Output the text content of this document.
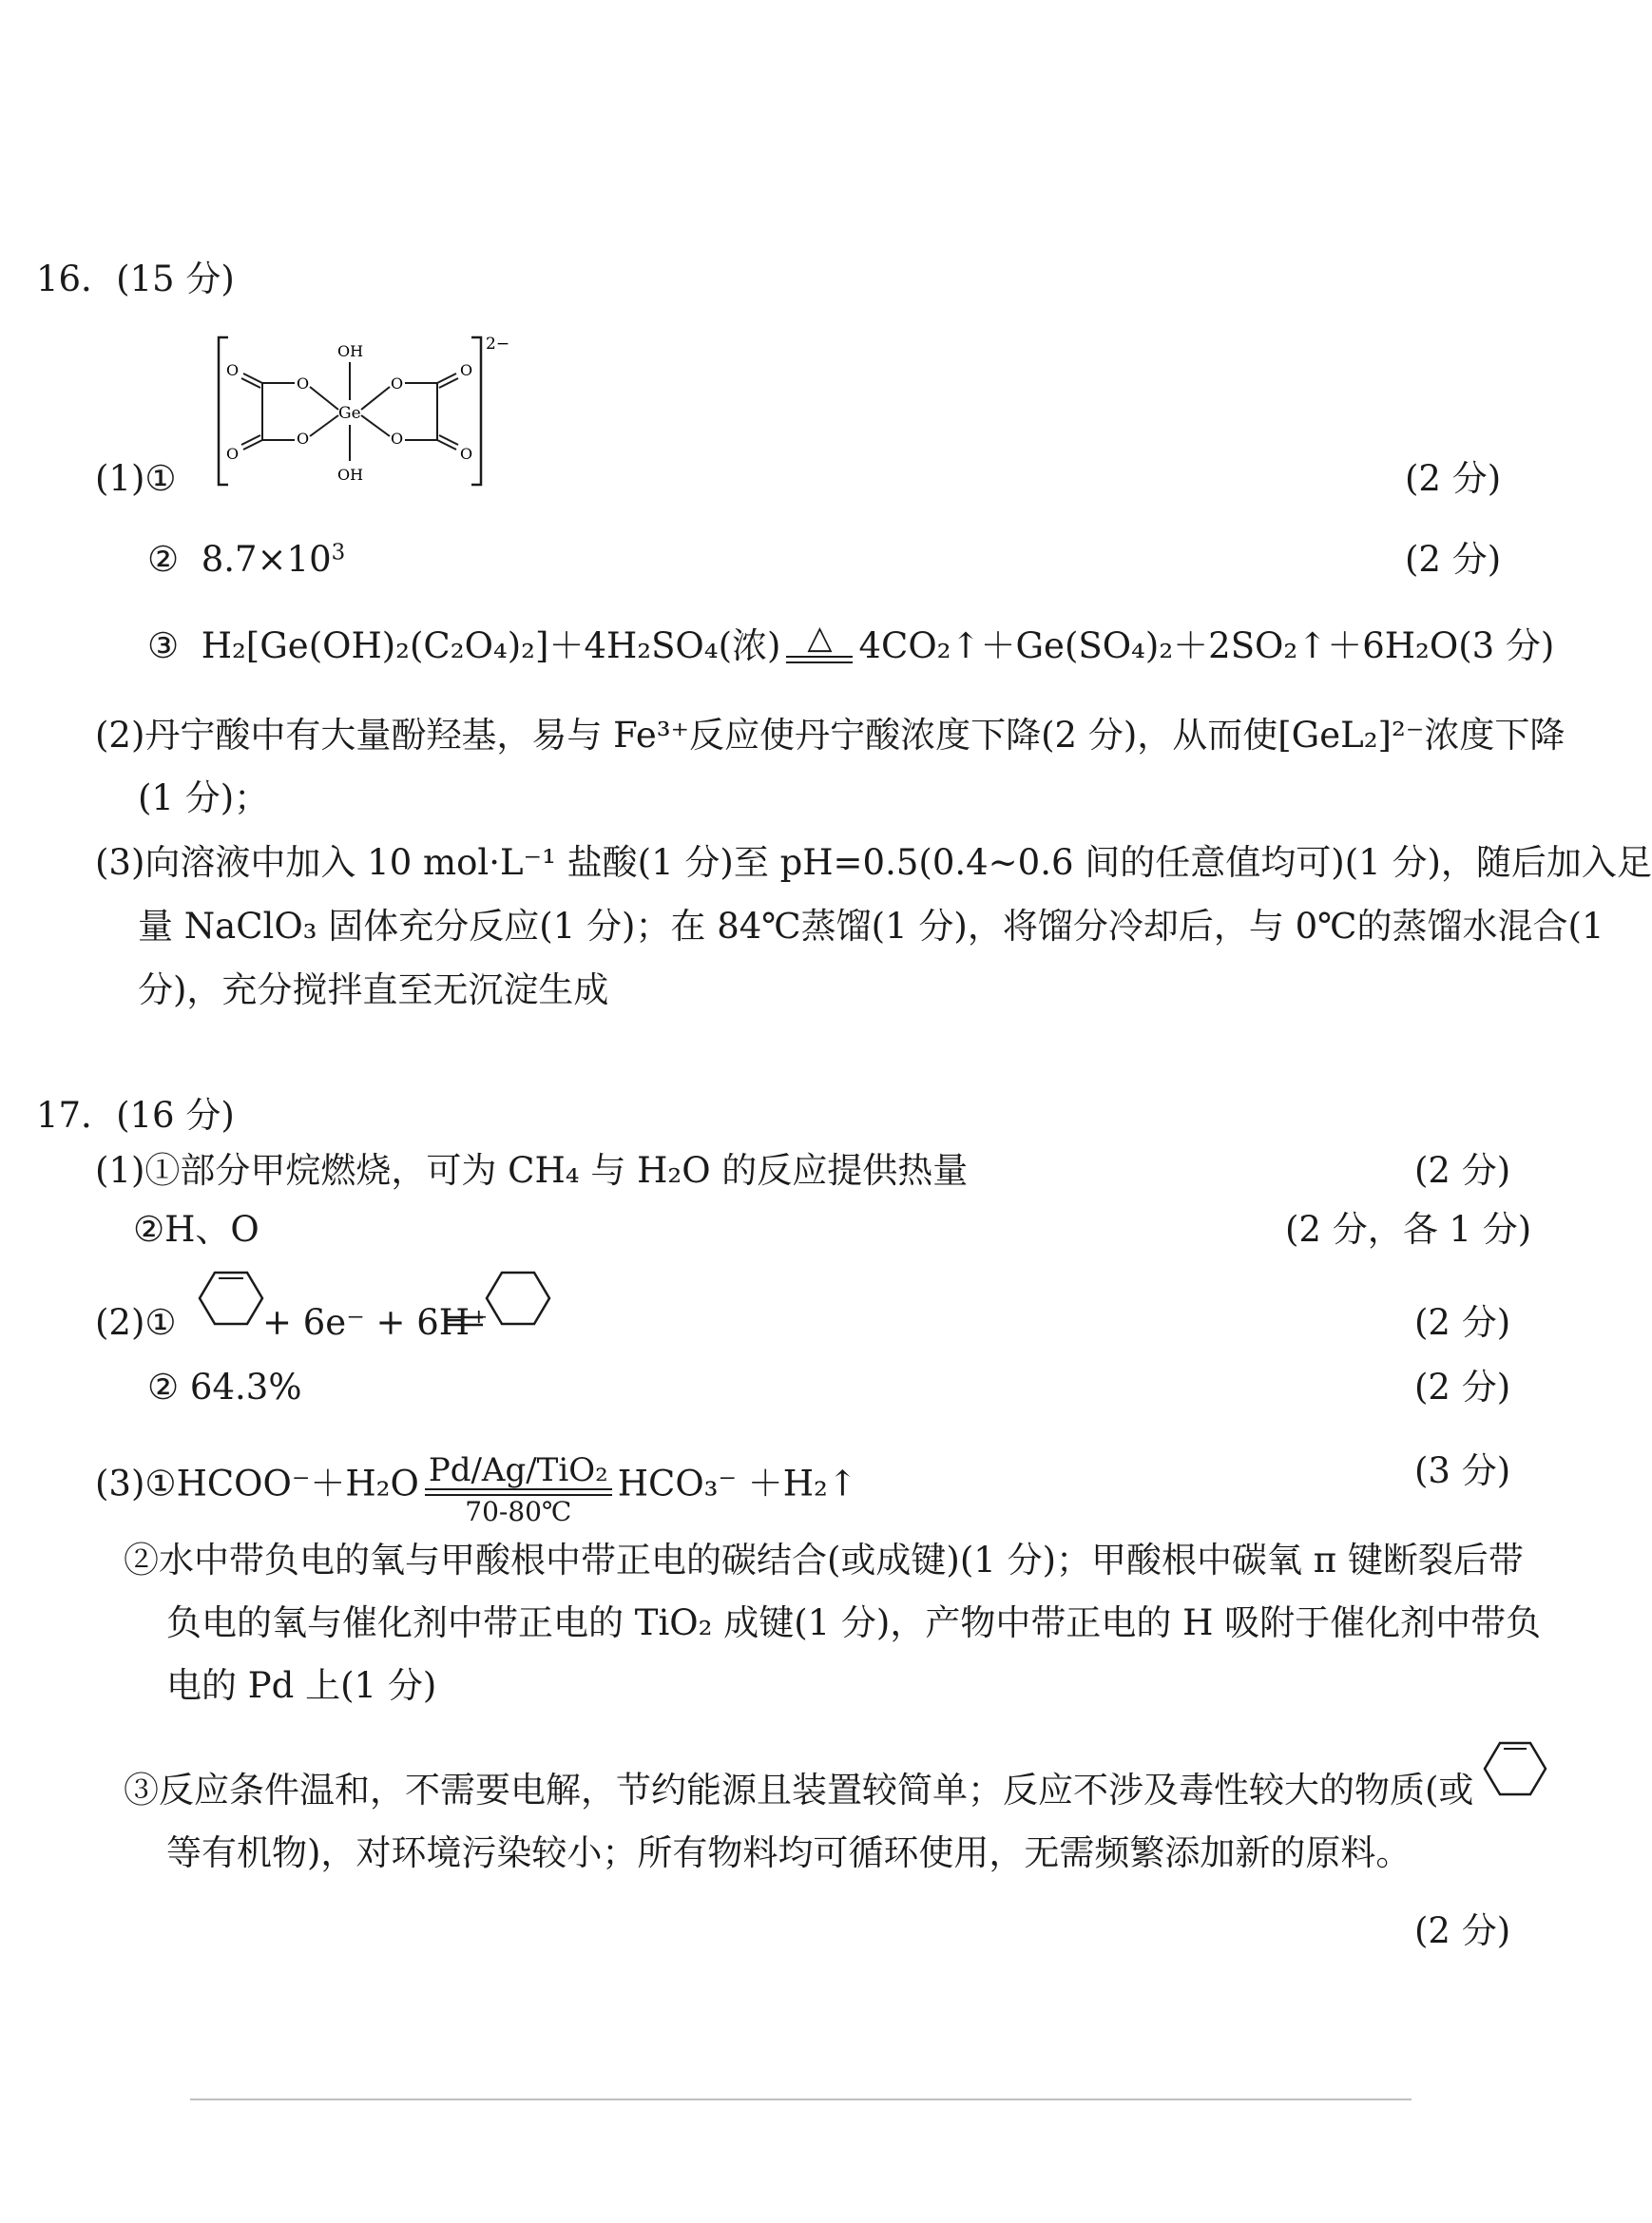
16．(15 分)
O
O
O
O
O
O
O
O
OH
OH
Ge
2−
(1)①	(2 分)
② $8.7\times 10^3$	(2 分)
③ H₂[Ge(OH)₂(C₂O₄)₂]＋4H₂SO₄(浓) △ 4CO₂↑＋Ge(SO₄)₂＋2SO₂↑＋6H₂O(3 分)
(2)丹宁酸中有大量酚羟基，易与 Fe³⁺反应使丹宁酸浓度下降(2 分)，从而使[GeL₂]²⁻浓度下降
(1 分)；
(3)向溶液中加入 10 mol·L⁻¹ 盐酸(1 分)至 pH=0.5(0.4~0.6 间的任意值均可)(1 分)，随后加入足
量 NaClO₃ 固体充分反应(1 分)；在 84℃蒸馏(1 分)，将馏分冷却后，与 0℃的蒸馏水混合(1
分)，充分搅拌直至无沉淀生成
17．(16 分)
(1)①部分甲烷燃烧，可为 CH₄ 与 H₂O 的反应提供热量	(2 分)
②H、O	(2 分，各 1 分)
(2)① + 6e⁻ + 6H⁺	(2 分)
② 64.3%	(2 分)
(3)①HCOO⁻＋H₂O Pd/Ag/TiO₂
70-80℃
HCO₃⁻ ＋H₂↑	(3 分)
②水中带负电的氧与甲酸根中带正电的碳结合(或成键)(1 分)；甲酸根中碳氧 π 键断裂后带
负电的氧与催化剂中带正电的 TiO₂ 成键(1 分)，产物中带正电的 H 吸附于催化剂中带负
电的 Pd 上(1 分)
③反应条件温和，不需要电解，节约能源且装置较简单；反应不涉及毒性较大的物质(或
等有机物)，对环境污染较小；所有物料均可循环使用，无需频繁添加新的原料。
(2 分)
